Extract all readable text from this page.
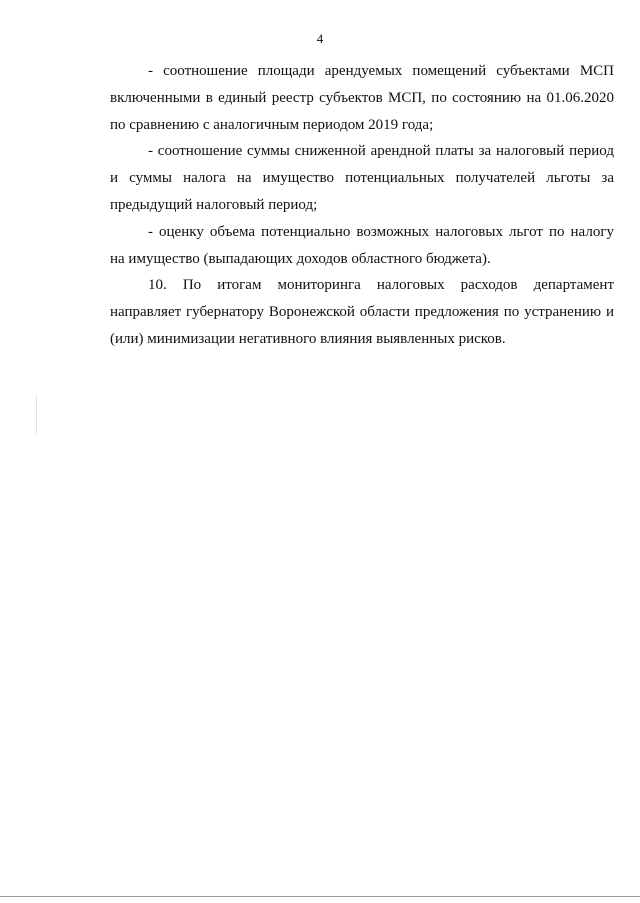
4

- соотношение площади арендуемых помещений субъектами МСП включенными в единый реестр субъектов МСП, по состоянию на 01.06.2020 по сравнению с аналогичным периодом 2019 года;

- соотношение суммы сниженной арендной платы за налоговый период и суммы налога на имущество потенциальных получателей льготы за предыдущий налоговый период;

- оценку объема потенциально возможных налоговых льгот по налогу на имущество (выпадающих доходов областного бюджета).

10. По итогам мониторинга налоговых расходов департамент направляет губернатору Воронежской области предложения по устранению и (или) минимизации негативного влияния выявленных рисков.
